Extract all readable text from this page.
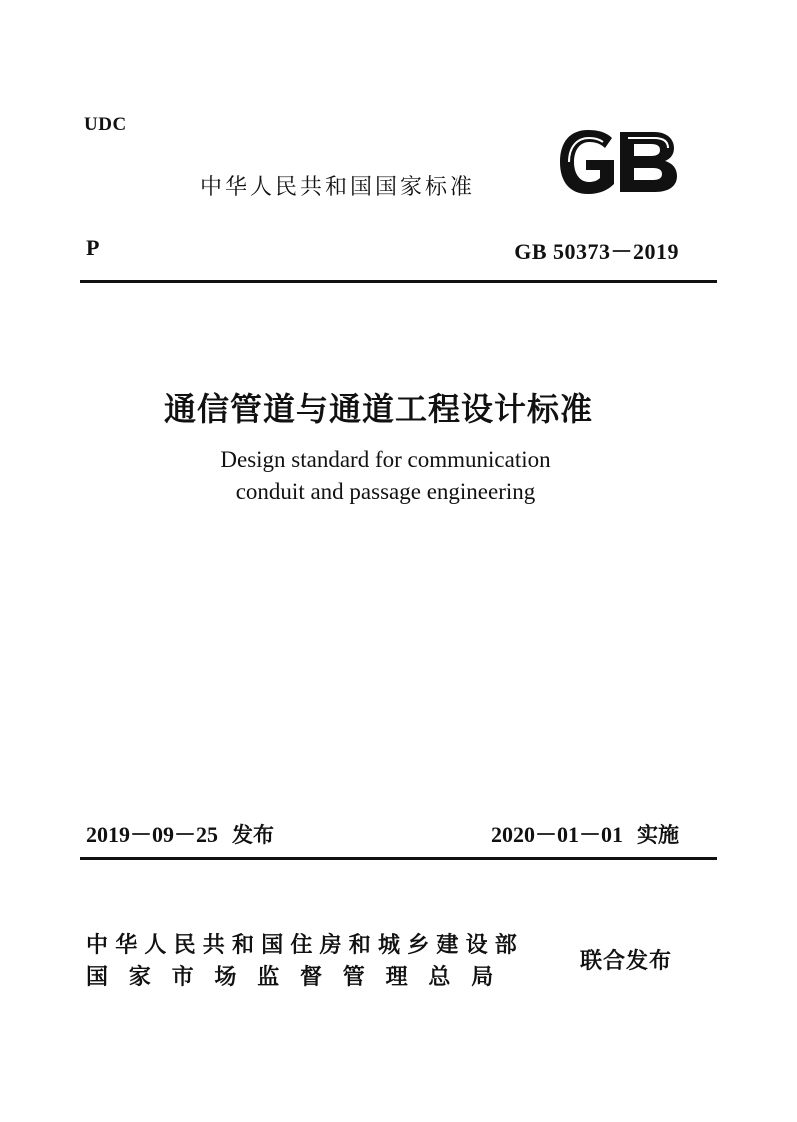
UDC
中华人民共和国国家标准
P	GB 50373－2019
通信管道与通道工程设计标准
Design standard for communication
conduit and passage engineering
2019－09－25 发布	2020－01－01 实施
中华人民共和国住房和城乡建设部
国家市场监督管理总局
联合发布
